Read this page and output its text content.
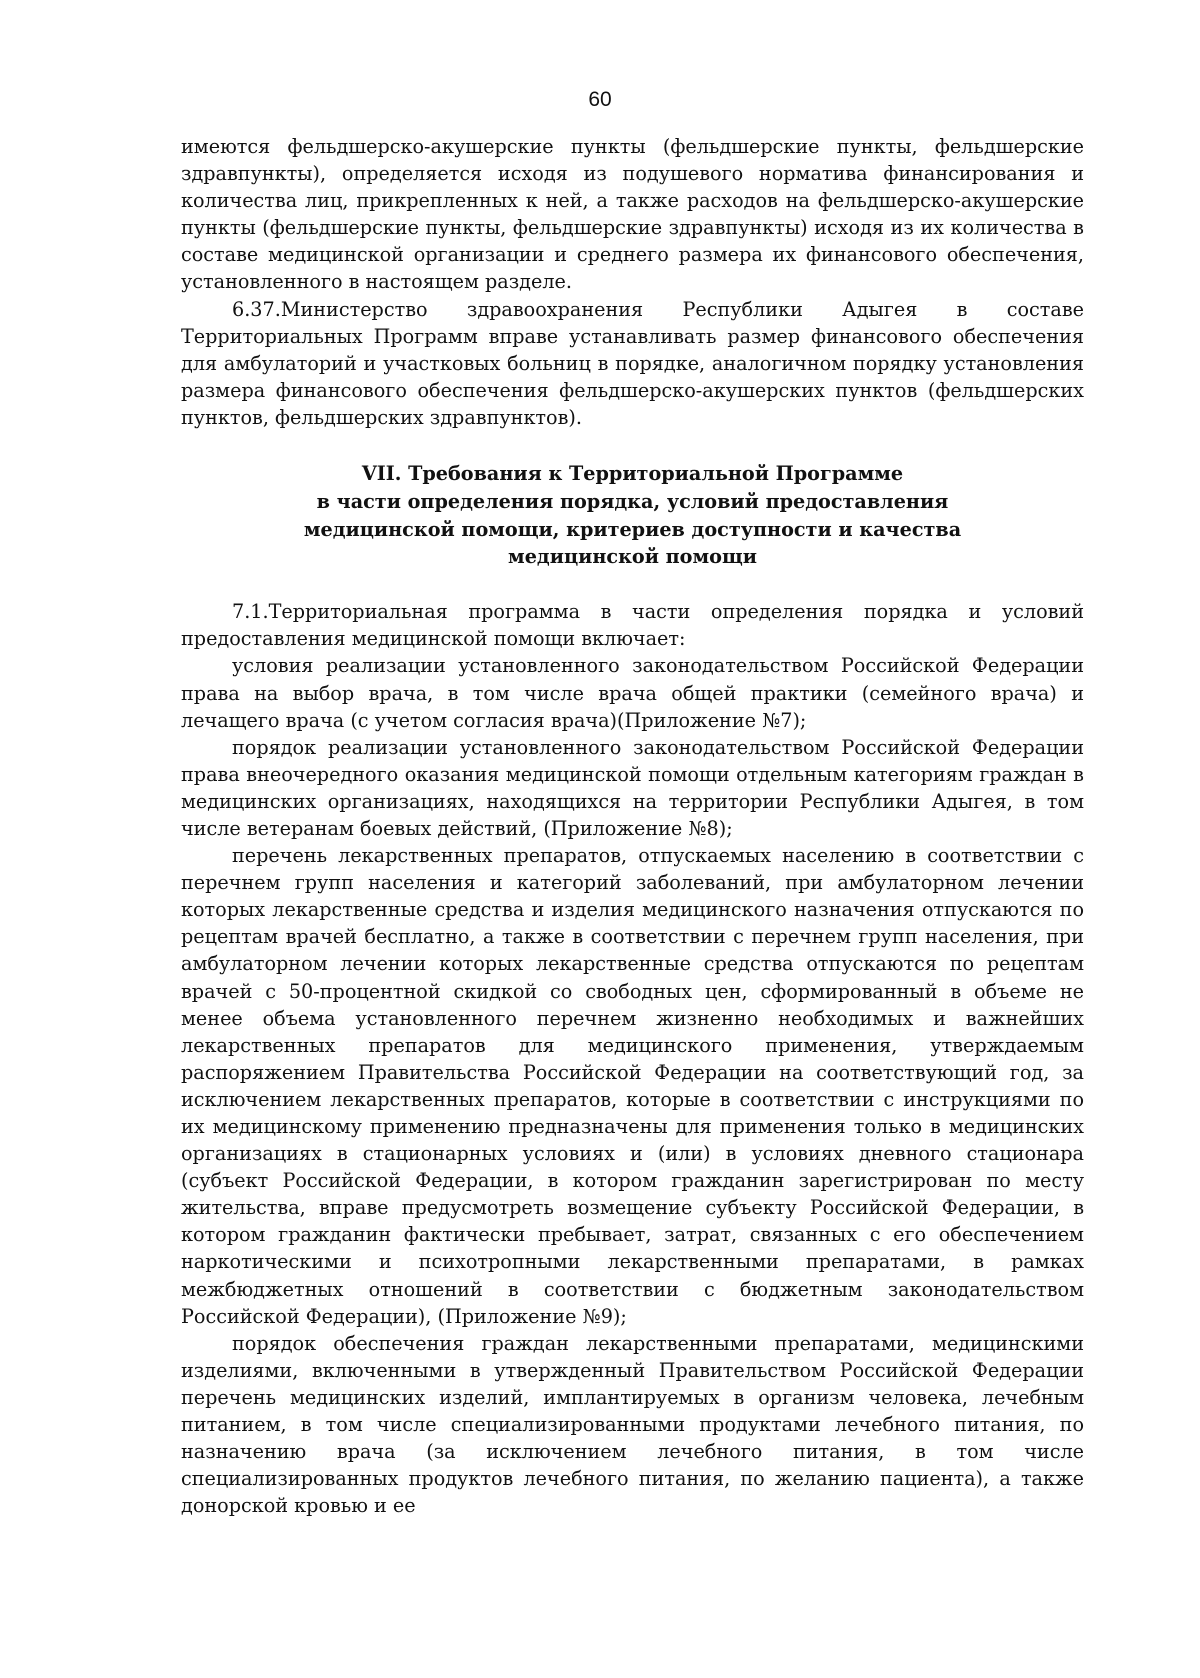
60

имеются фельдшерско-акушерские пункты (фельдшерские пункты, фельдшерские здравпункты), определяется исходя из подушевого норматива финансирования и количества лиц, прикрепленных к ней, а также расходов на фельдшерско-акушерские пункты (фельдшерские пункты, фельдшерские здравпункты) исходя из их количества в составе медицинской организации и среднего размера их финансового обеспечения, установленного в настоящем разделе.

6.37.Министерство здравоохранения Республики Адыгея в составе Территориальных Программ вправе устанавливать размер финансового обеспечения для амбулаторий и участковых больниц в порядке, аналогичном порядку установления размера финансового обеспечения фельдшерско-акушерских пунктов (фельдшерских пунктов, фельдшерских здравпунктов).

VII. Требования к Территориальной Программе
в части определения порядка, условий предоставления
медицинской помощи, критериев доступности и качества
медицинской помощи

7.1.Территориальная программа в части определения порядка и условий предоставления медицинской помощи включает:

условия реализации установленного законодательством Российской Федерации права на выбор врача, в том числе врача общей практики (семейного врача) и лечащего врача (с учетом согласия врача)(Приложение №7);

порядок реализации установленного законодательством Российской Федерации права внеочередного оказания медицинской помощи отдельным категориям граждан в медицинских организациях, находящихся на территории Республики Адыгея, в том числе ветеранам боевых действий, (Приложение №8);

перечень лекарственных препаратов, отпускаемых населению в соответствии с перечнем групп населения и категорий заболеваний, при амбулаторном лечении которых лекарственные средства и изделия медицинского назначения отпускаются по рецептам врачей бесплатно, а также в соответствии с перечнем групп населения, при амбулаторном лечении которых лекарственные средства отпускаются по рецептам врачей с 50-процентной скидкой со свободных цен, сформированный в объеме не менее объема установленного перечнем жизненно необходимых и важнейших лекарственных препаратов для медицинского применения, утверждаемым распоряжением Правительства Российской Федерации на соответствующий год, за исключением лекарственных препаратов, которые в соответствии с инструкциями по их медицинскому применению предназначены для применения только в медицинских организациях в стационарных условиях и (или) в условиях дневного стационара (субъект Российской Федерации, в котором гражданин зарегистрирован по месту жительства, вправе предусмотреть возмещение субъекту Российской Федерации, в котором гражданин фактически пребывает, затрат, связанных с его обеспечением наркотическими и психотропными лекарственными препаратами, в рамках межбюджетных отношений в соответствии с бюджетным законодательством Российской Федерации), (Приложение №9);

порядок обеспечения граждан лекарственными препаратами, медицинскими изделиями, включенными в утвержденный Правительством Российской Федерации перечень медицинских изделий, имплантируемых в организм человека, лечебным питанием, в том числе специализированными продуктами лечебного питания, по назначению врача (за исключением лечебного питания, в том числе специализированных продуктов лечебного питания, по желанию пациента), а также донорской кровью и ее
